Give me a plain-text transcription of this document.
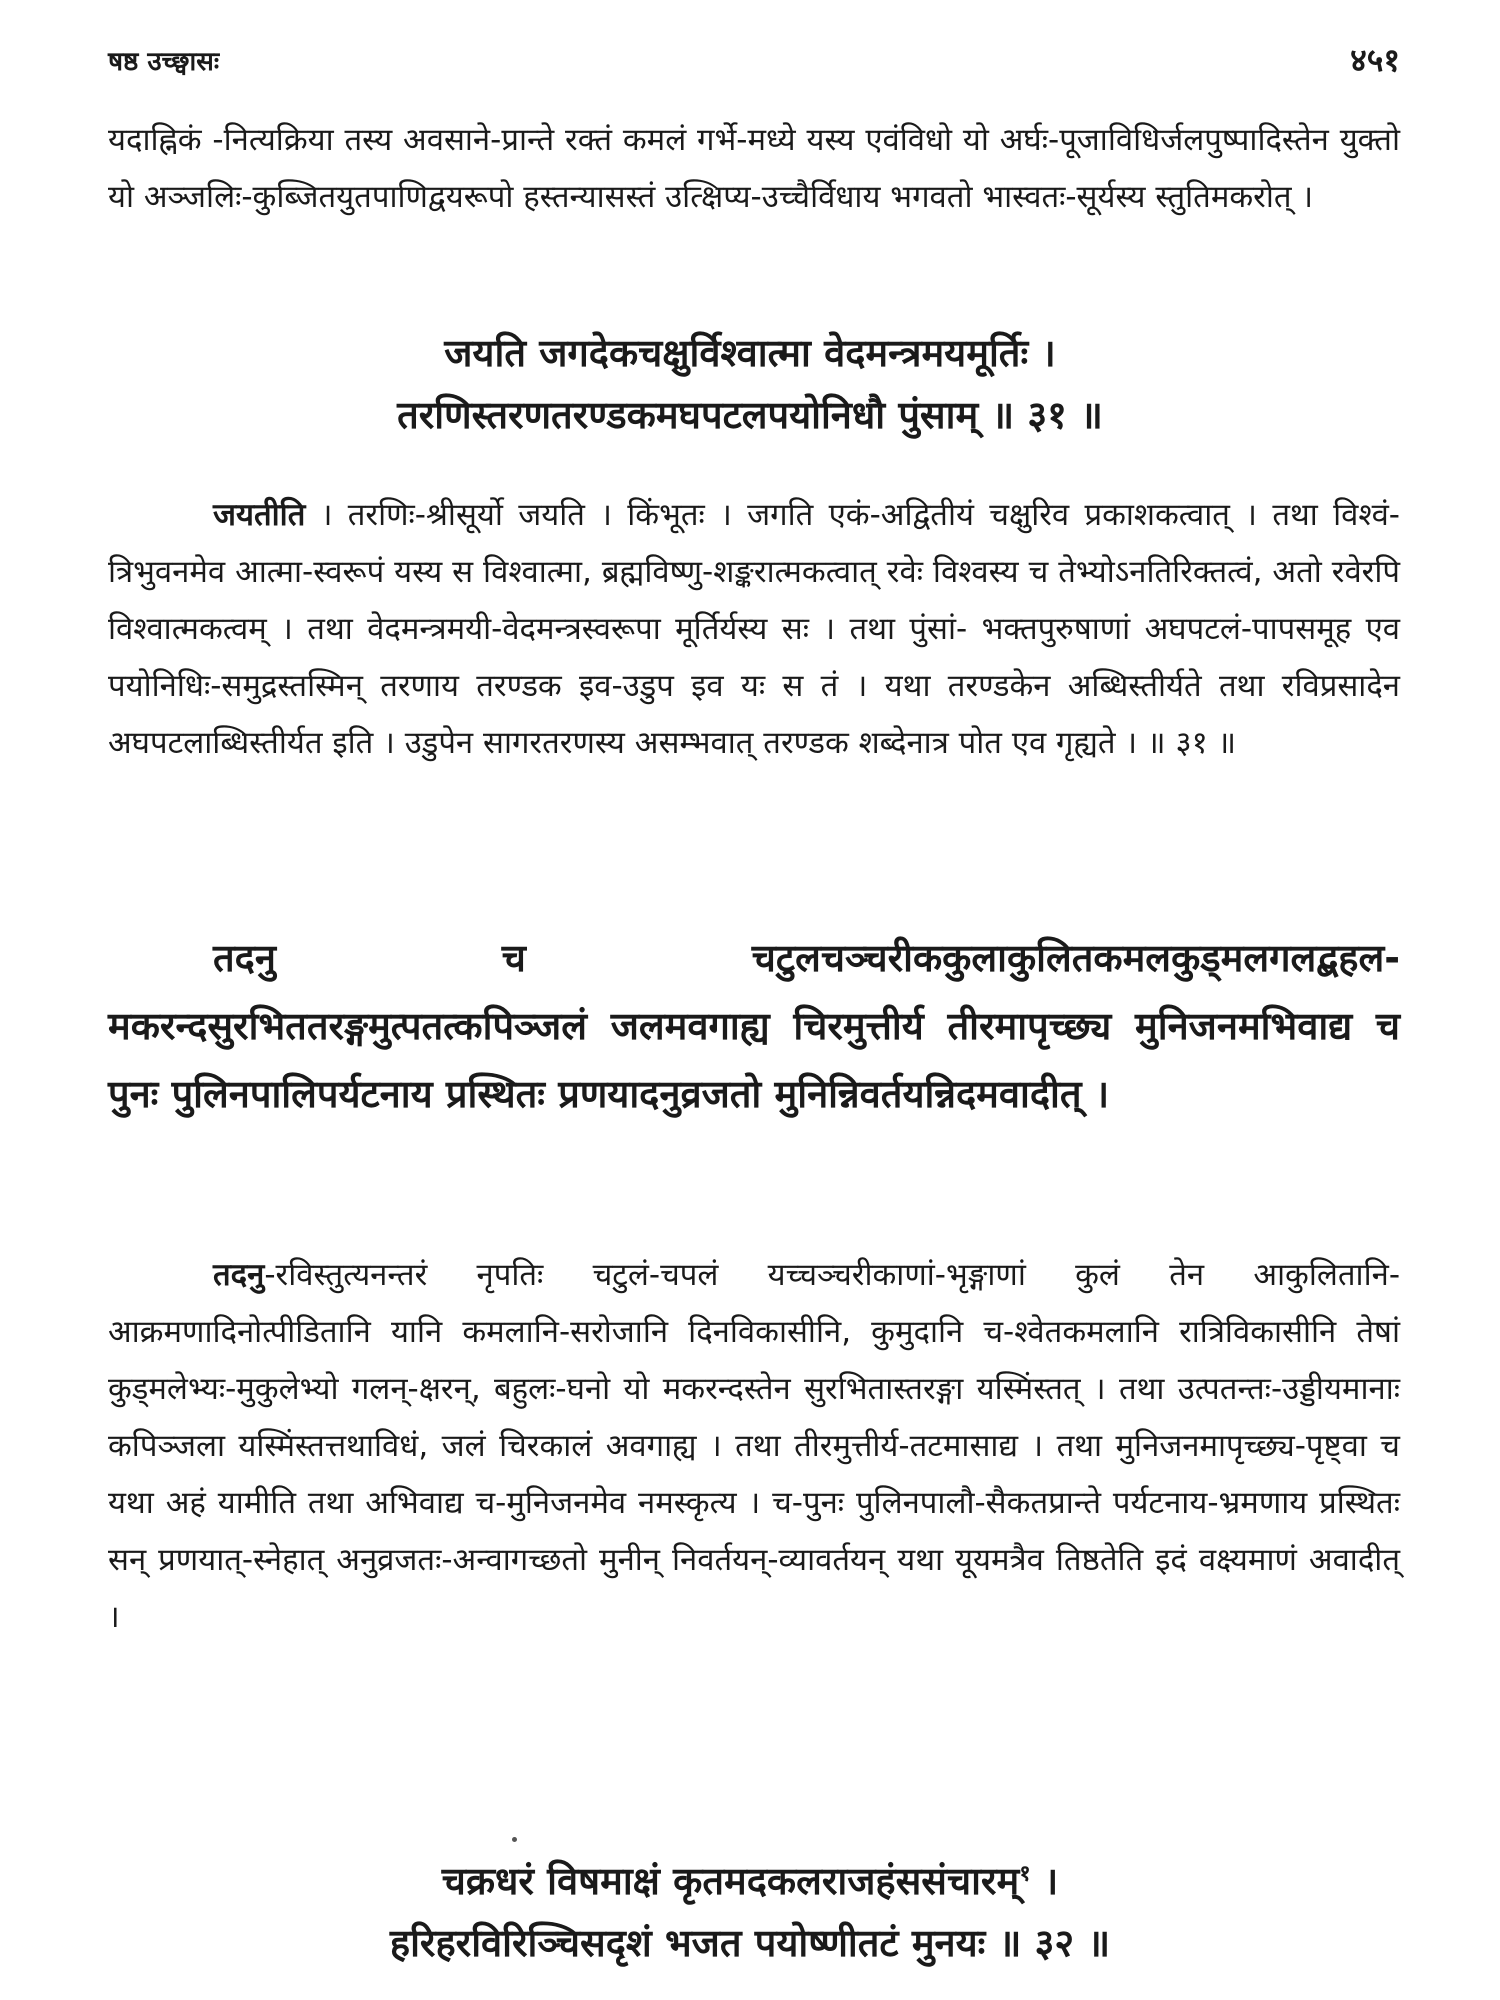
षष्ठ उच्छ्वासः	४५१
यदाह्निकं -नित्यक्रिया तस्य अवसाने-प्रान्ते रक्तं कमलं गर्भे-मध्ये यस्य एवंविधो यो अर्घः-पूजाविधिर्जलपुष्पादिस्तेन युक्तो यो अञ्जलिः-कुब्जितयुतपाणिद्वयरूपो हस्तन्यासस्तं उत्क्षिप्य-उच्चैर्विधाय भगवतो भास्वतः-सूर्यस्य स्तुतिमकरोत् ।
जयति जगदेकचक्षुर्विश्वात्मा वेदमन्त्रमयमूर्तिः ।
तरणिस्तरणतरण्डकमघपटलपयोनिधौ पुंसाम् ॥ ३१ ॥
जयतीति । तरणिः-श्रीसूर्यो जयति । किंभूतः । जगति एकं-अद्वितीयं चक्षुरिव प्रकाशकत्वात् । तथा विश्वं-त्रिभुवनमेव आत्मा-स्वरूपं यस्य स विश्वात्मा, ब्रह्मविष्णु-शङ्करात्मकत्वात् रवेः विश्वस्य च तेभ्योऽनतिरिक्तत्वं, अतो रवेरपि विश्वात्मकत्वम् । तथा वेदमन्त्रमयी-वेदमन्त्रस्वरूपा मूर्तिर्यस्य सः । तथा पुंसां- भक्तपुरुषाणां अघपटलं-पापसमूह एव पयोनिधिः-समुद्रस्तस्मिन् तरणाय तरण्डक इव-उडुप इव यः स तं । यथा तरण्डकेन अब्धिस्तीर्यते तथा रविप्रसादेन अघपटलाब्धिस्तीर्यत इति । उडुपेन सागरतरणस्य असम्भवात् तरण्डक शब्देनात्र पोत एव गृह्यते । ॥ ३१ ॥
तदनु च चटुलचञ्चरीककुलाकुलितकमलकुड्मलगलद्बहल-मकरन्दसुरभिततरङ्गमुत्पतत्कपिञ्जलं जलमवगाह्य चिरमुत्तीर्य तीरमापृच्छ्य मुनिजनमभिवाद्य च पुनः पुलिनपालिपर्यटनाय प्रस्थितः प्रणयादनुव्रजतो मुनिन्निवर्तयन्निदमवादीत् ।
तदनु-रविस्तुत्यनन्तरं नृपतिः चटुलं-चपलं यच्चञ्चरीकाणां-भृङ्गाणां कुलं तेन आकुलितानि-आक्रमणादिनोत्पीडितानि यानि कमलानि-सरोजानि दिनविकासीनि, कुमुदानि च-श्वेतकमलानि रात्रिविकासीनि तेषां कुड्मलेभ्यः-मुकुलेभ्यो गलन्-क्षरन्, बहुलः-घनो यो मकरन्दस्तेन सुरभितास्तरङ्गा यस्मिंस्तत् । तथा उत्पतन्तः-उड्डीयमानाः कपिञ्जला यस्मिंस्तत्तथाविधं, जलं चिरकालं अवगाह्य । तथा तीरमुत्तीर्य-तटमासाद्य । तथा मुनिजनमापृच्छ्य-पृष्ट्वा च यथा अहं यामीति तथा अभिवाद्य च-मुनिजनमेव नमस्कृत्य । च-पुनः पुलिनपालौ-सैकतप्रान्ते पर्यटनाय-भ्रमणाय प्रस्थितः सन् प्रणयात्-स्नेहात् अनुव्रजतः-अन्वागच्छतो मुनीन् निवर्तयन्-व्यावर्तयन् यथा यूयमत्रैव तिष्ठतेति इदं वक्ष्यमाणं अवादीत् ।
चक्रधरं विषमाक्षं कृतमदकलराजहंससंचारम्$^१$ ।
हरिहरविरिञ्चिसदृशं भजत पयोष्णीतटं मुनयः ॥ ३२ ॥
